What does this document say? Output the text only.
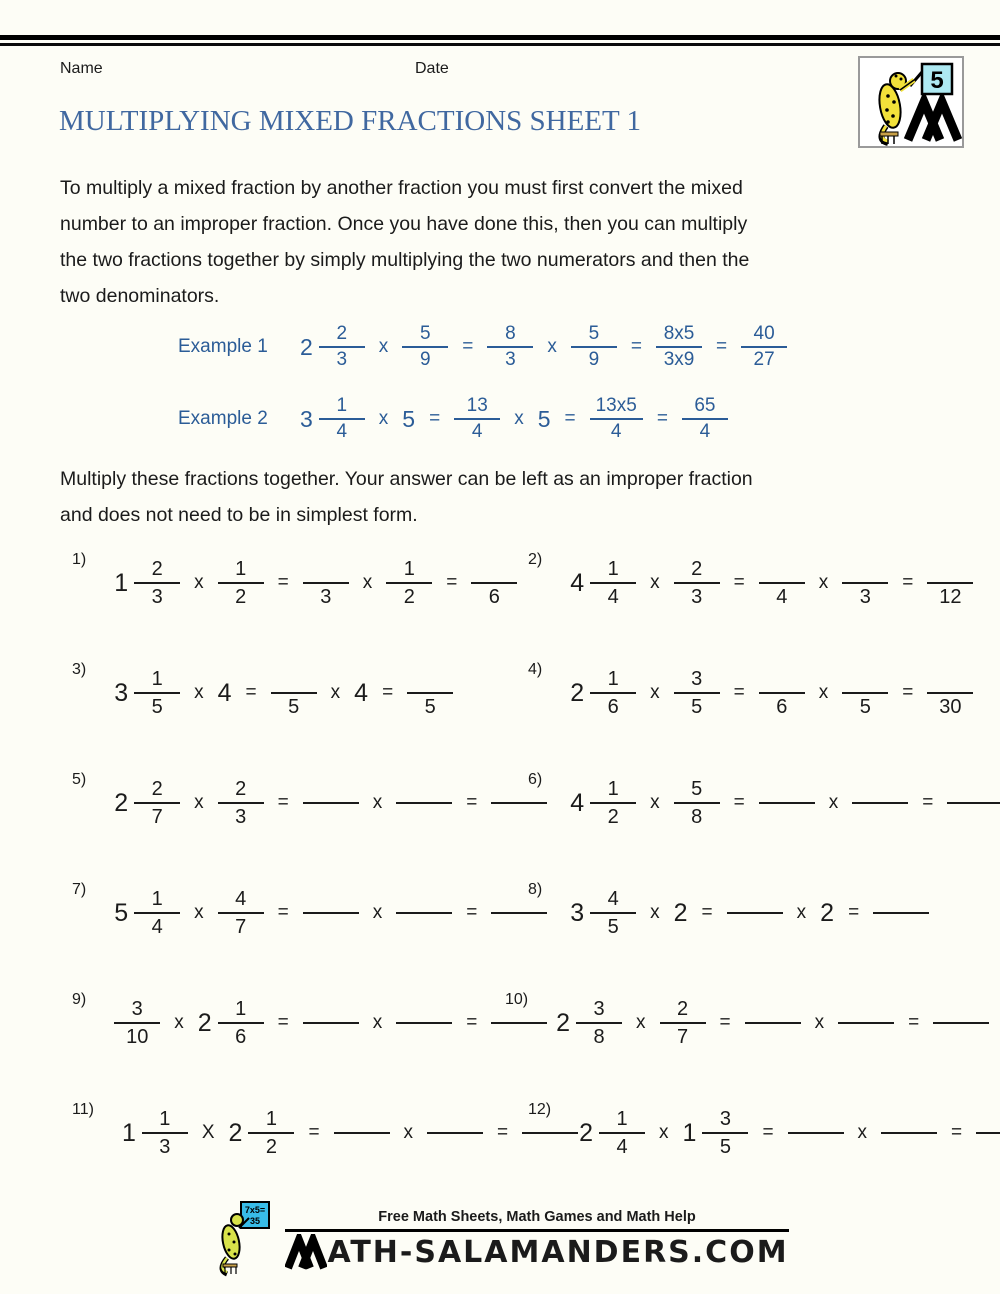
Name	Date	5
MULTIPLYING MIXED FRACTIONS SHEET 1
To multiply a mixed fraction by another fraction you must first convert the mixed
number to an improper fraction. Once you have done this, then you can multiply
the two fractions together by simply multiplying the two numerators and then the
two denominators.
Example 1	$2 \frac{2}{3}$ x $\frac{5}{9} = \frac{8}{3}$ x $\frac{5}{9} = \frac{8x5}{3x9} = \frac{40}{27}$
Example 2	$3 \frac{1}{4}$ x $5 = \frac{13}{4}$ x $5 = \frac{13x5}{4} = \frac{65}{4}$
Multiply these fractions together. Your answer can be left as an improper fraction
and does not need to be in simplest form.
1)
$1 \frac{2}{3}$ x $\frac{1}{2}$ =
3
x $\frac{1}{2}$ =
6
2)
$4 \frac{1}{4}$ x $\frac{2}{3}$ =
4
x
3
=
12
3)
$3 \frac{1}{5}$ x 4 =
5
x 4 =
5
4)
$2 \frac{1}{6}$ x $\frac{3}{5}$ =
6
x
5
=
30
5)
$2 \frac{2}{7}$ x $\frac{2}{3}$ =	x	=
6)
$4 \frac{1}{2}$ x $\frac{5}{8}$ =	x	=
7)
$5 \frac{1}{4}$ x $\frac{4}{7}$ =	x	=
8)
$3 \frac{4}{5}$ x 2 =	x 2 =
$9) \frac{3}{10}$ x $2 \frac{1}{6}$ =	x	=
10)
$2 \frac{3}{8}$ x $\frac{2}{7}$ =	x	=
11)
$1 \frac{1}{3}$ X $2 \frac{1}{2}$ =	x	=
12)
$2 \frac{1}{4}$ x $1 \frac{3}{5}$ =	x	=
7x5=
35	Free Math Sheets, Math Games and Math Help
ATH-SALAMANDERS.COM
